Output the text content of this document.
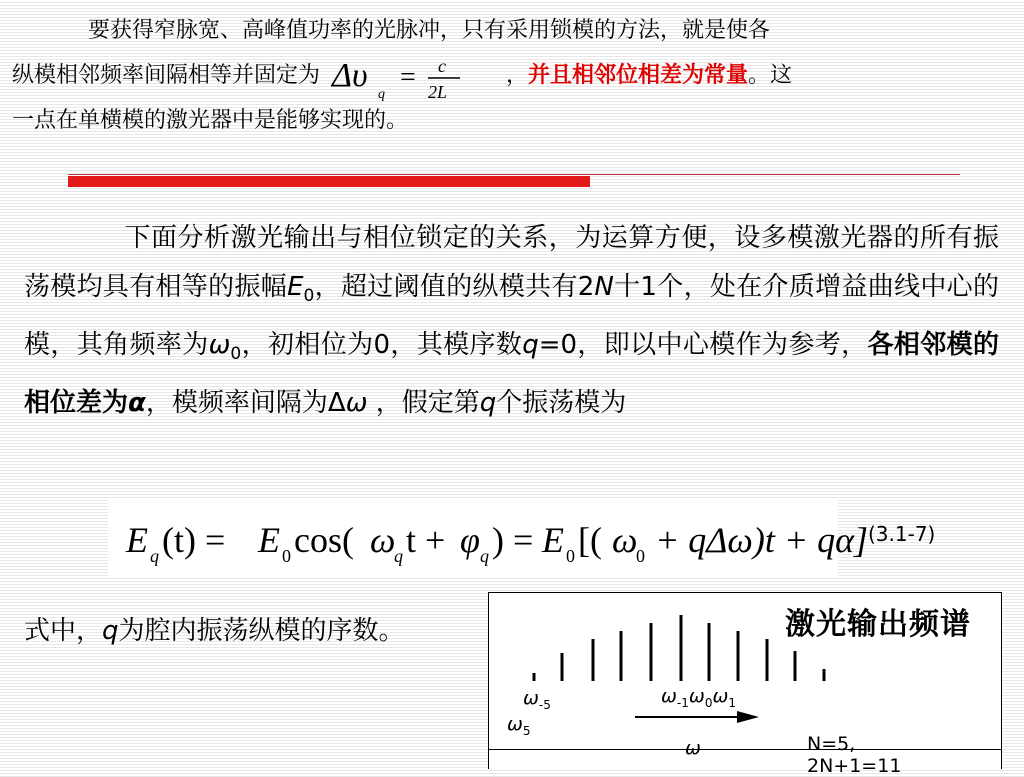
要获得窄脉宽、高峰值功率的光脉冲，只有采用锁模的方法，就是使各
纵模相邻频率间隔相等并固定为 Δυ
q
= c
2L
，并且相邻位相差为常量。这
一点在单横模的激光器中是能够实现的。
下面分析激光输出与相位锁定的关系，为运算方便，设多模激光器的所有振荡模均具有相等的振幅$E_0$，超过阈值的纵模共有2N十1个，处在介质增益曲线中心的模，其角频率为$\omega_0$，初相位为0，其模序数q=0，即以中心模作为参考，各相邻模的相位差为α，模频率间隔为Δω ，假定第q个振荡模为
E q (t) = E 0 cos( ω
q t + φ q ) = E 0 [( ω
0 + qΔω)t + qα] (3.1-7)
式中，q为腔内振荡纵模的序数。	激光输出频谱
$\omega_{-5}$
$\omega_5$
$\omega_{-1}\omega_0\omega_1$
ω	N=5,
2N+1=11
